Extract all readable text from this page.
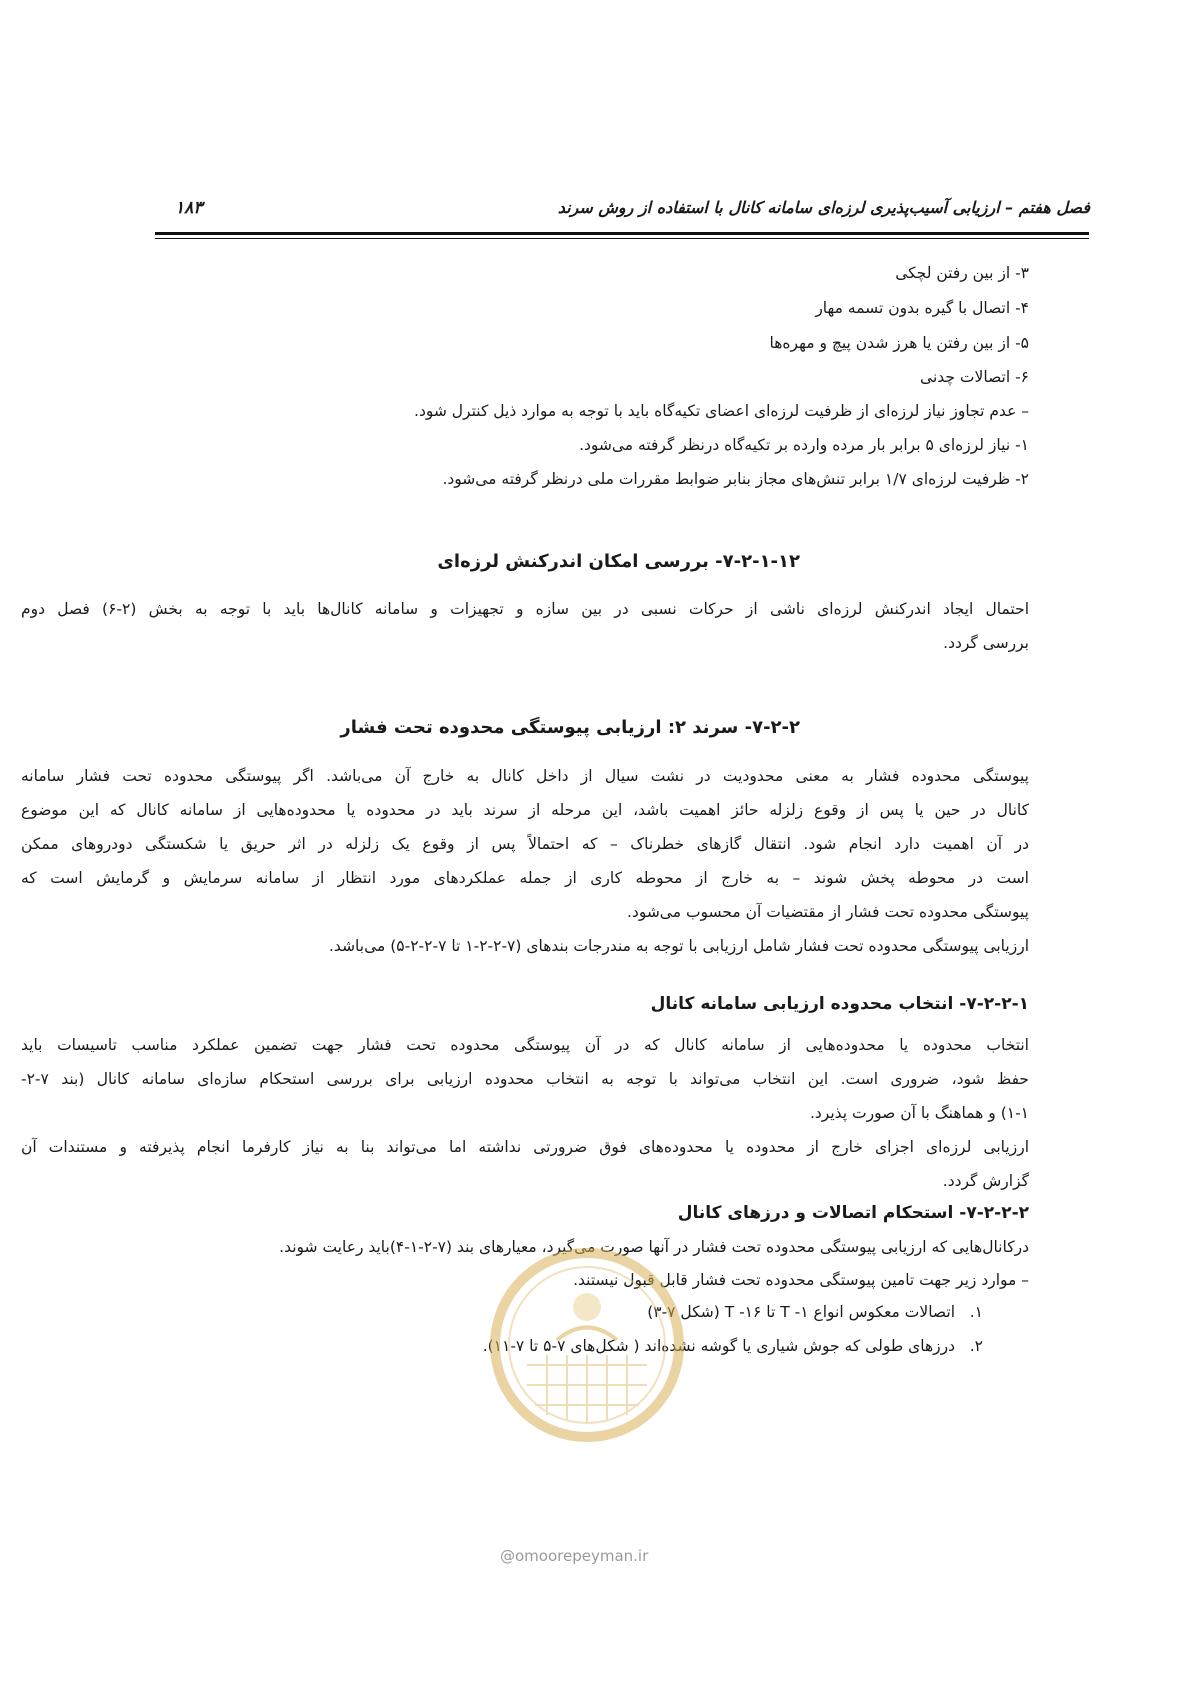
فصل هفتم – ارزیابی آسیب‌پذیری لرزه‌ای سامانه کانال با استفاده از روش سرند
۱۸۳
۳- از بین رفتن لچکی
۴- اتصال با گیره بدون تسمه مهار
۵- از بین رفتن یا هرز شدن پیچ و مهره‌ها
۶- اتصالات چدنی
– عدم تجاوز نیاز لرزه‌ای از ظرفیت لرزه‌ای اعضای تکیه‌گاه باید با توجه به موارد ذیل کنترل شود.
۱- نیاز لرزه‌ای ۵ برابر بار مرده وارده بر تکیه‌گاه درنظر گرفته می‌شود.
۲- ظرفیت لرزه‌ای ۱/۷ برابر تنش‌های مجاز بنابر ضوابط مقررات ملی درنظر گرفته می‌شود.
۷-۲-۱-۱۲- بررسی امکان اندرکنش لرزه‌ای
احتمال ایجاد اندرکنش لرزه‌ای ناشی از حرکات نسبی در بین سازه و تجهیزات و سامانه کانال‌ها باید با توجه به بخش (۲-۶) فصل دوم
بررسی گردد.
۷-۲-۲- سرند ۲: ارزیابی پیوستگی محدوده تحت فشار
پیوستگی محدوده فشار به معنی محدودیت در نشت سیال از داخل کانال به خارج آن می‌باشد. اگر پیوستگی محدوده تحت فشار سامانه
کانال در حین یا پس از وقوع زلزله حائز اهمیت باشد، این مرحله از سرند باید در محدوده یا محدوده‌هایی از سامانه کانال که این موضوع
در آن اهمیت دارد انجام شود. انتقال گازهای خطرناک – که احتمالاً پس از وقوع یک زلزله در اثر حریق یا شکستگی دودروهای ممکن
است در محوطه پخش شوند – به خارج از محوطه کاری از جمله عملکردهای مورد انتظار از سامانه سرمایش و گرمایش است که
پیوستگی محدوده تحت فشار از مقتضیات آن محسوب می‌شود.
ارزیابی پیوستگی محدوده تحت فشار شامل ارزیابی با توجه به مندرجات بندهای (۷-۲-۲-۱ تا ۷-۲-۲-۵) می‌باشد.
۷-۲-۲-۱- انتخاب محدوده ارزیابی سامانه کانال
انتخاب محدوده یا محدوده‌هایی از سامانه کانال که در آن پیوستگی محدوده تحت فشار جهت تضمین عملکرد مناسب تاسیسات باید
حفظ شود، ضروری است. این انتخاب می‌تواند با توجه به انتخاب محدوده ارزیابی برای بررسی استحکام سازه‌ای سامانه کانال (بند ۷-۲-
۱-۱) و هماهنگ با آن صورت پذیرد.
ارزیابی لرزه‌ای اجزای خارج از محدوده یا محدوده‌های فوق ضرورتی نداشته اما می‌تواند بنا به نیاز کارفرما انجام پذیرفته و مستندات آن
گزارش گردد.
۷-۲-۲-۲- استحکام اتصالات و درزهای کانال
درکانال‌هایی که ارزیابی پیوستگی محدوده تحت فشار در آنها صورت می‌گیرد، معیارهای بند (۷-۲-۱-۴)باید رعایت شوند.
– موارد زیر جهت تامین پیوستگی محدوده تحت فشار قابل قبول نیستند.
۱.اتصالات معکوس انواع T -۱ تا T -۱۶ (شکل ۷-۳)
۲.درزهای طولی که جوش شیاری یا گوشه نشده‌اند ( شکل‌های ۷-۵ تا ۷-۱۱).
@omoorepeyman.ir
